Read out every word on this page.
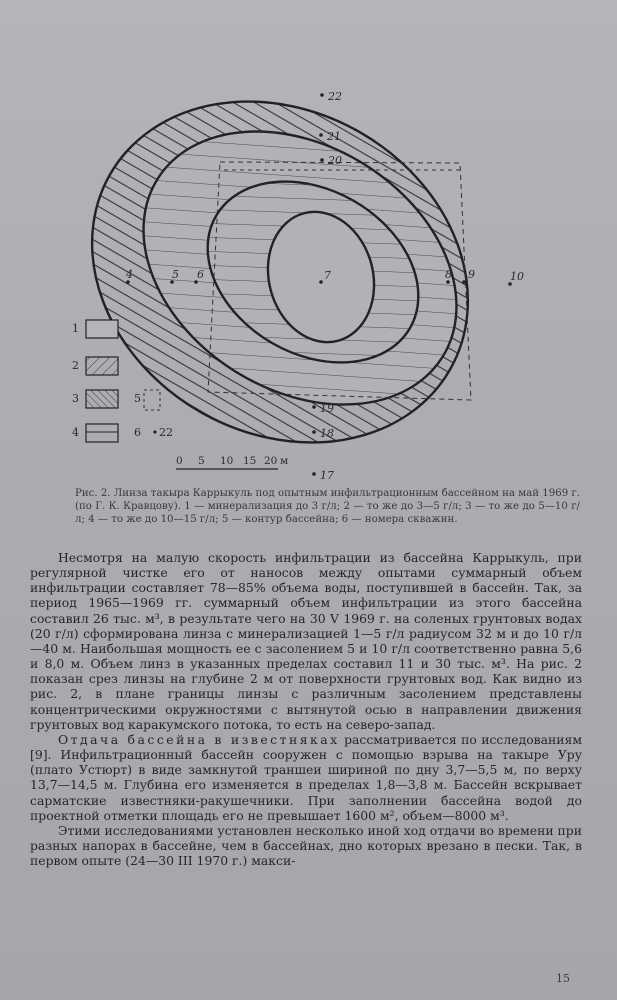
22
21
20
4	5 6	7	8 9	10
19
18
17
1
2
3
4
5
6 22
0 5 10 15 20 м

Рис. 2. Линза такыра Каррыкуль под опытным инфильтрационным бассейном на май 1969 г. (по Г. К. Кравцову). 1 — минерализация до 3 г/л; 2 — то же до 3—5 г/л; 3 — то же до 5—10 г/л; 4 — то же до 10—15 г/л; 5 — контур бассейна; 6 — номера скважин.

Несмотря на малую скорость инфильтрации из бассейна Каррыкуль, при регулярной чистке его от наносов между опытами суммарный объем инфильтрации составляет 78—85% объема воды, поступившей в бассейн. Так, за период 1965—1969 гг. суммарный объем инфильтрации из этого бассейна составил 26 тыс. м³, в результате чего на 30 V 1969 г. на соленых грунтовых водах (20 г/л) сформирована линза с минерализацией 1—5 г/л радиусом 32 м и до 10 г/л—40 м. Наибольшая мощность ее с засолением 5 и 10 г/л соответственно равна 5,6 и 8,0 м. Объем линз в указанных пределах составил 11 и 30 тыс. м³. На рис. 2 показан срез линзы на глубине 2 м от поверхности грунтовых вод. Как видно из рис. 2, в плане границы линзы с различным засолением представлены концентрическими окружностями с вытянутой осью в направлении движения грунтовых вод каракумского потока, то есть на северо-запад.

Отдача бассейна в известняках рассматривается по исследованиям [9]. Инфильтрационный бассейн сооружен с помощью взрыва на такыре Уру (плато Устюрт) в виде замкнутой траншеи шириной по дну 3,7—5,5 м, по верху 13,7—14,5 м. Глубина его изменяется в пределах 1,8—3,8 м. Бассейн вскрывает сарматские известняки-ракушечники. При заполнении бассейна водой до проектной отметки площадь его не превышает 1600 м², объем—8000 м³.

Этими исследованиями установлен несколько иной ход отдачи во времени при разных напорах в бассейне, чем в бассейнах, дно которых врезано в пески. Так, в первом опыте (24—30 III 1970 г.) макси-

15
